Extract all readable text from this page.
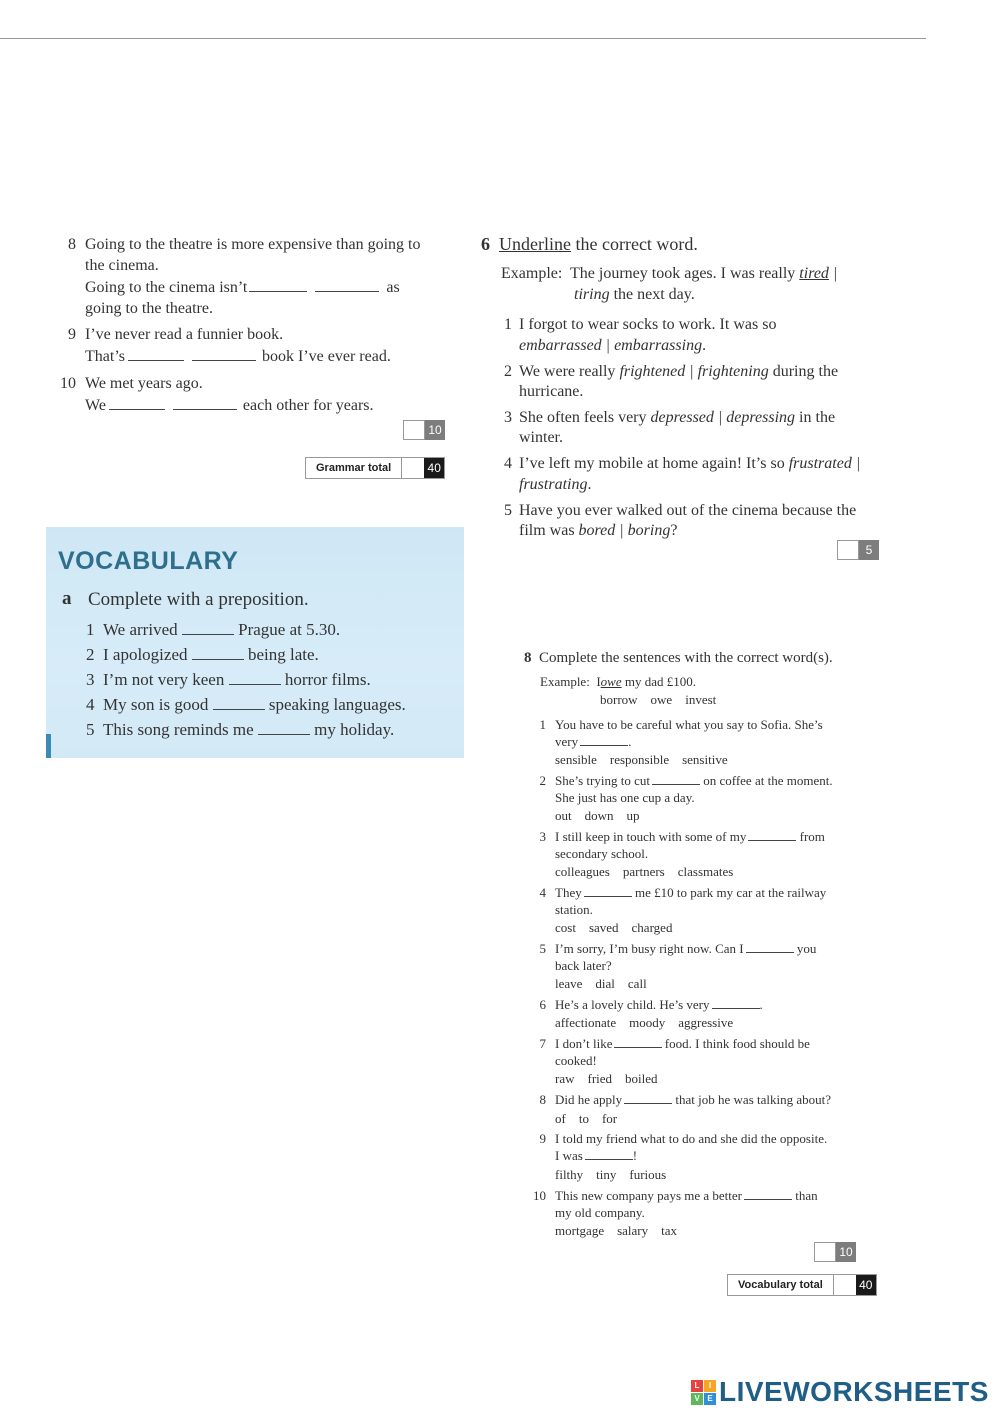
8 Going to the theatre is more expensive than going to
the cinema.
Going to the cinema isn’t	as
going to the theatre.
9 I’ve never read a funnier book.
That’s	book I’ve ever read.
10 We met years ago.
We	each other for years.
10
Grammar total	40
VOCABULARY
a Complete with a preposition.
1 We arrived	Prague at 5.30.
2 I apologized	being late.
3 I’m not very keen	horror films.
4 My son is good	speaking languages.
5 This song reminds me	my holiday.
6 Underline the correct word.
Example: The journey took ages. I was really tired |
tiring the next day.
1 I forgot to wear socks to work. It was so
embarrassed | embarrassing.
2 We were really frightened | frightening during the
hurricane.
3 She often feels very depressed | depressing in the
winter.
4 I’ve left my mobile at home again! It’s so frustrated |
frustrating.
5 Have you ever walked out of the cinema because the
film was bored | boring?
5
8 Complete the sentences with the correct word(s).
Example: Iowe my dad £100.
borrow    owe    invest
1 You have to be careful what you say to Sofia. She’s
very	.
sensible    responsible    sensitive
2 She’s trying to cut	on coffee at the moment.
She just has one cup a day.
out    down    up
3 I still keep in touch with some of my	from
secondary school.
colleagues    partners    classmates
4 They	me £10 to park my car at the railway
station.
cost    saved    charged
5 I’m sorry, I’m busy right now. Can I	you
back later?
leave    dial    call
6 He’s a lovely child. He’s very	.
affectionate    moody    aggressive
7 I don’t like	food. I think food should be
cooked!
raw    fried    boiled
8 Did he apply	that job he was talking about?
of    to    for
9 I told my friend what to do and she did the opposite.
I was	!
filthy    tiny    furious
10 This new company pays me a better	than
my old company.
mortgage    salary    tax
10
Vocabulary total	40
L	I
V E LIVEWORKSHEETS
